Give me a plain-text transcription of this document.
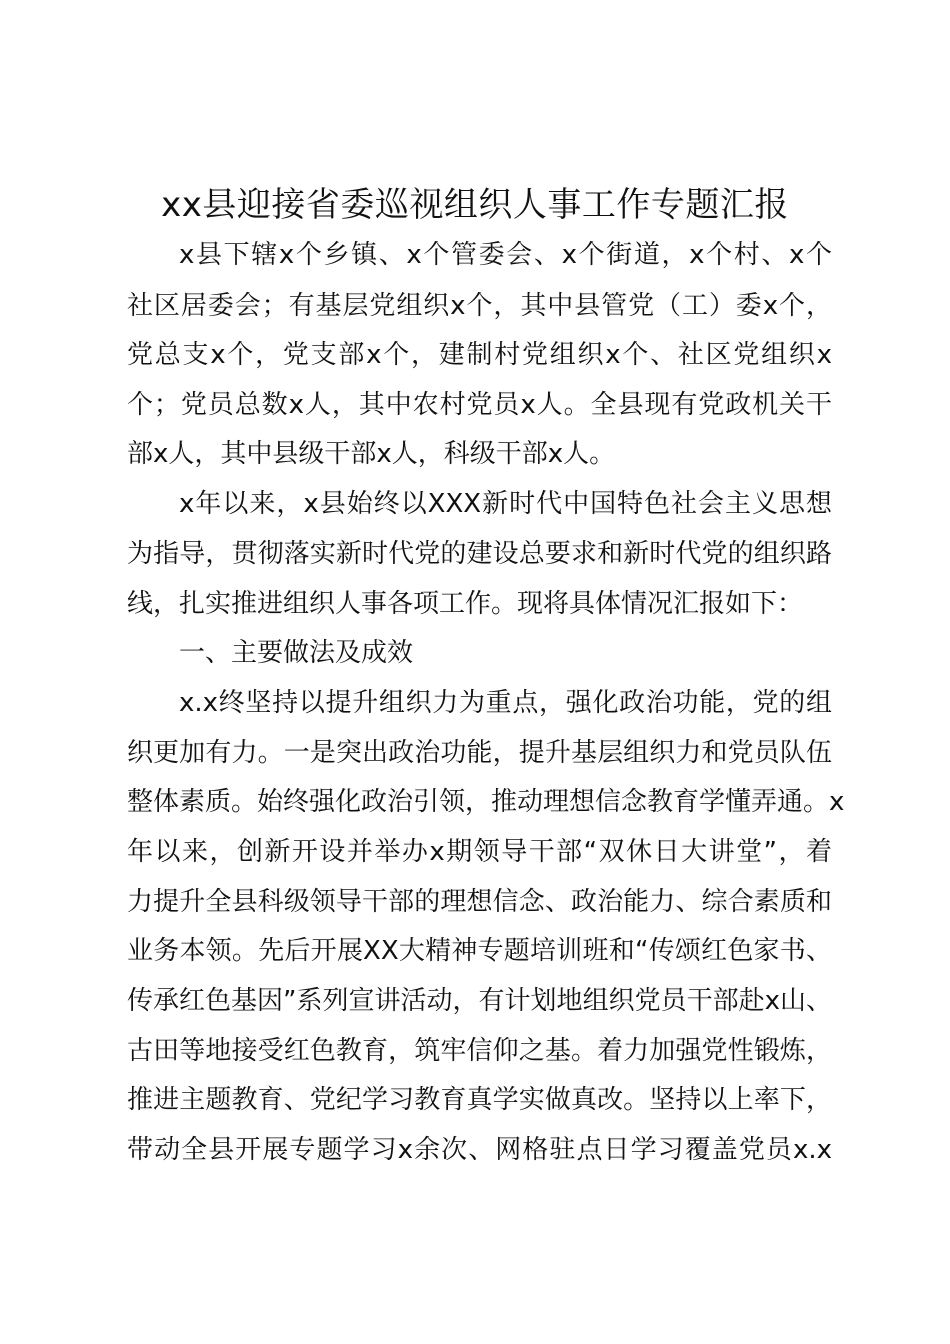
xx县迎接省委巡视组织人事工作专题汇报
x县下辖x个乡镇、x个管委会、x个街道，x个村、x个
社区居委会；有基层党组织x个，其中县管党（工）委x个，
党总支x个，党支部x个，建制村党组织x个、社区党组织x
个；党员总数x人，其中农村党员x人。全县现有党政机关干
部x人，其中县级干部x人，科级干部x人。
x年以来，x县始终以XXX新时代中国特色社会主义思想
为指导，贯彻落实新时代党的建设总要求和新时代党的组织路
线，扎实推进组织人事各项工作。现将具体情况汇报如下：
一、主要做法及成效
x.x终坚持以提升组织力为重点，强化政治功能，党的组
织更加有力。一是突出政治功能，提升基层组织力和党员队伍
整体素质。始终强化政治引领，推动理想信念教育学懂弄通。x
年以来，创新开设并举办x期领导干部“双休日大讲堂”，着
力提升全县科级领导干部的理想信念、政治能力、综合素质和
业务本领。先后开展XX大精神专题培训班和“传颂红色家书、
传承红色基因”系列宣讲活动，有计划地组织党员干部赴x山、
古田等地接受红色教育，筑牢信仰之基。着力加强党性锻炼，
推进主题教育、党纪学习教育真学实做真改。坚持以上率下，
带动全县开展专题学习x余次、网格驻点日学习覆盖党员x.x
